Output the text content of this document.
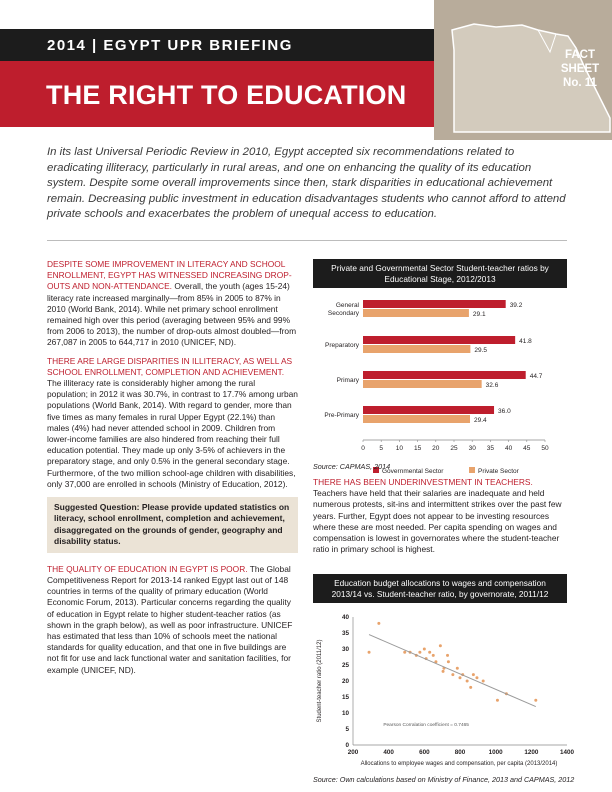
2014 | EGYPT UPR BRIEFING
THE RIGHT TO EDUCATION
FACT
SHEET
No. 11
In its last Universal Periodic Review in 2010, Egypt accepted six recommendations related to eradicating illiteracy, particularly in rural areas, and one on enhancing the quality of its education system. Despite some overall improvements since then, stark disparities in educational achievement remain. Decreasing public investment in education disadvantages students who cannot afford to attend private schools and exacerbates the problem of unequal access to education.

DESPITE SOME IMPROVEMENT IN LITERACY AND SCHOOL ENROLLMENT, EGYPT HAS WITNESSED INCREASING DROP-OUTS AND NON-ATTENDANCE. Overall, the youth (ages 15-24) literacy rate increased marginally—from 85% in 2005 to 87% in 2010 (World Bank, 2014). While net primary school enrollment remained high over this period (averaging between 95% and 99% from 2006 to 2013), the number of drop-outs almost doubled—from 267,087 in 2005 to 644,717 in 2010 (UNICEF, ND).

THERE ARE LARGE DISPARITIES IN ILLITERACY, AS WELL AS SCHOOL ENROLLMENT, COMPLETION AND ACHIEVEMENT. The illiteracy rate is considerably higher among the rural population; in 2012 it was 30.7%, in contrast to 17.7% among urban populations (World Bank, 2014). With regard to gender, more than five times as many females in rural Upper Egypt (22.1%) than males (4%) had never attended school in 2009. Children from lower-income families are also hindered from reaching their full education potential. They made up only 3-5% of achievers in the preparatory stage, and only 0.5% in the general secondary stage. Furthermore, of the two million school-age children with disabilities, only 37,000 are enrolled in schools (Ministry of Education, 2012).

Suggested Question: Please provide updated statistics on literacy, school enrollment, completion and achievement, disaggregated on the grounds of gender, geography and disability status.

THE QUALITY OF EDUCATION IN EGYPT IS POOR. The Global Competitiveness Report for 2013-14 ranked Egypt last out of 148 countries in terms of the quality of primary education (World Economic Forum, 2013). Particular concerns regarding the quality of education in Egypt relate to higher student-teacher ratios (as shown in the graph below), as well as poor infrastructure. UNICEF has estimated that less than 10% of schools meet the national standards for quality education, and that one in five buildings are not fit for use and lack functional water and sanitation facilities, for example (UNICEF, ND).

Private and Governmental Sector Student-teacher ratios by Educational Stage, 2012/2013
39.2
29.1
General
Secondary
41.8
29.5
Preparatory
44.7
32.6
Primary
36.0
29.4
Pre-Primary
0 5 10 15 20 25 30 35 40 45 50
Governmental Sector	Private Sector
Source: CAPMAS, 2014
THERE HAS BEEN UNDERINVESTMENT IN TEACHERS. Teachers have held that their salaries are inadequate and held numerous protests, sit-ins and intermittent strikes over the past few years. Further, Egypt does not appear to be investing resources where these are most needed. Per capita spending on wages and compensation is lowest in governorates where the student-teacher ratio in primary school is highest.
Education budget allocations to wages and compensation 2013/14 vs. Student-teacher ratio, by governorate, 2011/12
200	400	600	800	1000	1200	1400
0
5
10
15
20
25
30
35
40
Pearson Corralation coefficient = 0.7465
Allocations to employee wages and compensation, per capita (2013/2014)
Student-teacher ratio (2011/12)
Source: Own calculations based on Ministry of Finance, 2013 and CAPMAS, 2012
